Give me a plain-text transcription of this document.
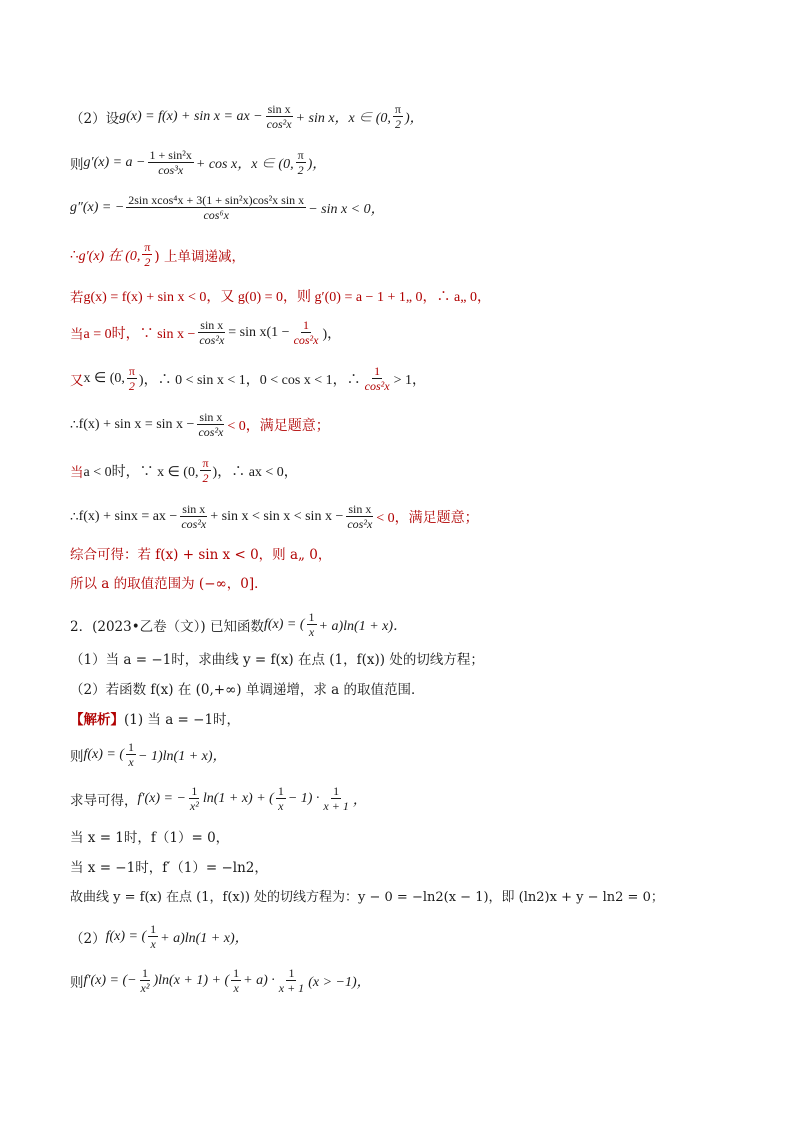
（2）设 g(x) = f(x) + sin x = ax − $\frac{\text{sin x}}{\text{cos²x}} + \sin x$，x ∈ (0, $\frac{\pi}{2}$ )，
则 $g'(x) = a - \frac{\text{1 + sin²x}}{\text{cos³x}} + \cos x$，x ∈ (0, $\frac{\pi}{2}$ )，
g″(x) = − $\frac{\text{2sin xcos⁴x + 3(1 + sin²x)cos²x sin x}}{\text{cos⁶x}} - \sin x < 0$，
∴ g′(x) 在 (0, $\frac{\pi}{2}$ ) 上单调递减，
若 g(x) = f(x) + sin x < 0，又 g(0) = 0，则 g′(0) = a − 1 + 1„ 0，∴ a„ 0，
当 a = 0时，∵ $\sin x - \frac{\text{sin x}}{\text{cos²x}} = \sin x(1 - \frac{1}{\text{cos²x}}$ )，
又 x ∈ (0, $\frac{\pi}{2}$ )，∴ 0 < sin x < 1，0 < cos x < 1，∴ $\frac{1}{\text{cos²x}} > 1$，
∴ $f(x) + \sin x = \sin x - \frac{\text{sin x}}{\text{cos²x}} < 0$，满足题意；
当 a < 0时，∵ x ∈ (0, $\frac{\pi}{2}$ )，∴ ax < 0，
∴ f(x) + sinx = ax − $\frac{\text{sin x}}{\text{cos²x}} + \sin x < \sin x < \sin x - \frac{\text{sin x}}{\text{cos²x}} < 0$，满足题意；
综合可得：若 f(x) + sin x < 0，则 a„ 0，
所以 a 的取值范围为 (−∞，0]．
2．(2023•乙卷（文）) 已知函数 f(x) = ( $\frac{1}{x} + a)\ln(1 + x)$．
（1）当 a = −1时，求曲线 y = f(x) 在点 (1，f(x)) 处的切线方程；
（2）若函数 f(x) 在 (0,+∞) 单调递增，求 a 的取值范围．
【解析】 (1) 当 a = −1时，
则 f(x) = ( $\frac{1}{x} - 1)\ln(1 + x)$，
求导可得， f′(x) = − $\frac{1}{\text{x²}} \ln(1 + x)$ + ( $\frac{1}{x} - 1) \cdot \frac{1}{x + 1}$ ，
当 x = 1时，f（1）= 0，
当 x = −1时，f′（1）= −ln2，
故曲线 y = f(x) 在点 (1，f(x)) 处的切线方程为：y − 0 = −ln2(x − 1)，即 (ln2)x + y − ln2 = 0；
（2） f(x) = ( $\frac{1}{x} + a)\ln(1 + x)$，
则 f′(x) = (− $\frac{1}{\text{x²}} )\ln(x + 1)$ + ( $\frac{1}{x} + a) \cdot \frac{1}{x + 1} (x > -1)$，
